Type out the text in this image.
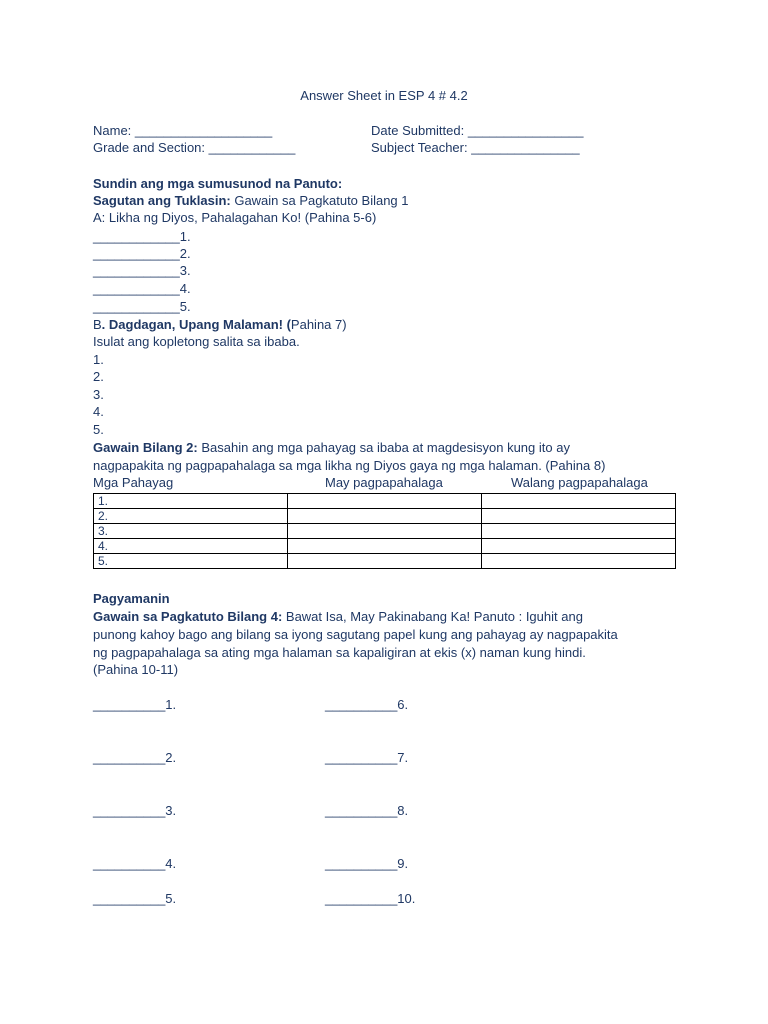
Answer Sheet in ESP 4 # 4.2
Name: ___________________	Date Submitted: ________________
Grade and Section: ____________	Subject Teacher: _______________
Sundin ang mga sumusunod na Panuto:
Sagutan ang Tuklasin: Gawain sa Pagkatuto Bilang 1
A: Likha ng Diyos, Pahalagahan Ko! (Pahina 5-6)
____________1.
____________2.
____________3.
____________4.
____________5.
B. Dagdagan, Upang Malaman! (Pahina 7)
Isulat ang kopletong salita sa ibaba.
1.
2.
3.
4.
5.
Gawain Bilang 2: Basahin ang mga pahayag sa ibaba at magdesisyon kung ito ay
nagpapakita ng pagpapahalaga sa mga likha ng Diyos gaya ng mga halaman. (Pahina 8)
Mga Pahayag	May pagpapahalaga	Walang pagpapahalaga
1.		
2.		
3.		
4.		
5.		
Pagyamanin
Gawain sa Pagkatuto Bilang 4: Bawat Isa, May Pakinabang Ka! Panuto : Iguhit ang
punong kahoy bago ang bilang sa iyong sagutang papel kung ang pahayag ay nagpapakita
ng pagpapahalaga sa ating mga halaman sa kapaligiran at ekis (x) naman kung hindi.
(Pahina 10-11)
__________1.	__________6.
__________2.	__________7.
__________3.	__________8.
__________4.	__________9.
__________5.	__________10.
